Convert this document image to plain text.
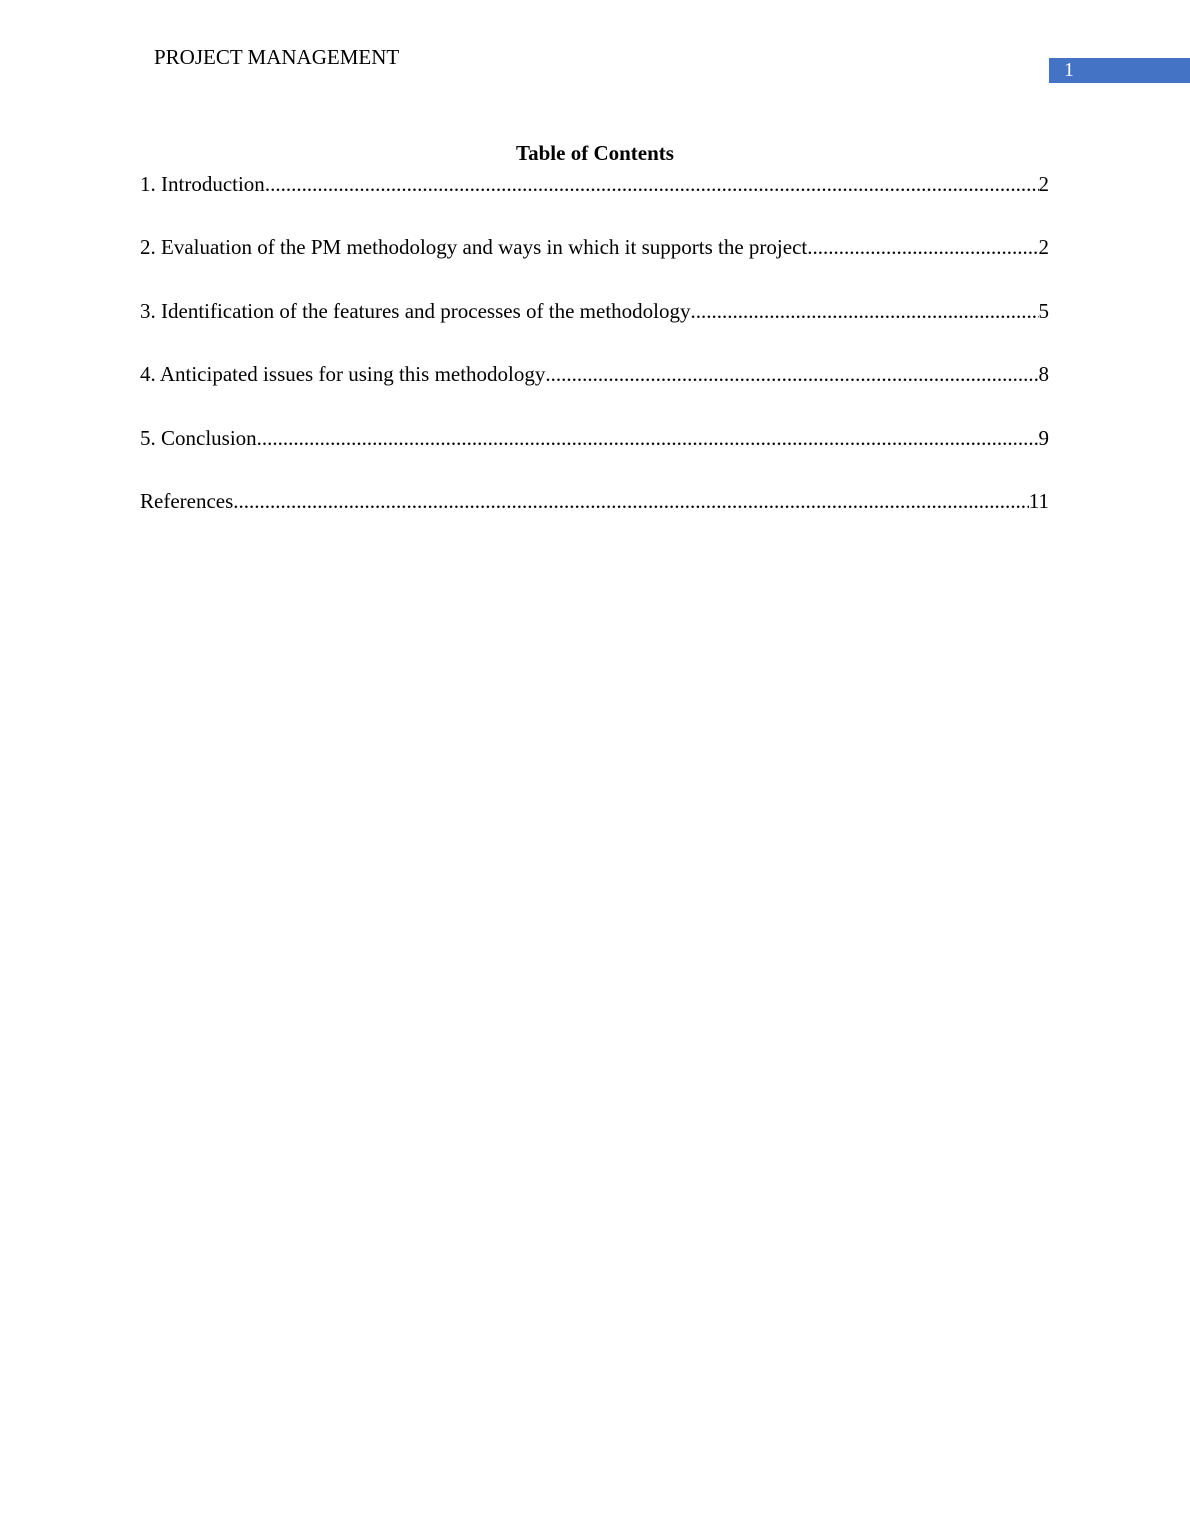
PROJECT MANAGEMENT
1
Table of Contents
1. Introduction .....	2
2. Evaluation of the PM methodology and ways in which it supports the project .....	2
3. Identification of the features and processes of the methodology .....	5
4. Anticipated issues for using this methodology .....	8
5. Conclusion .....	9
References .....	11
